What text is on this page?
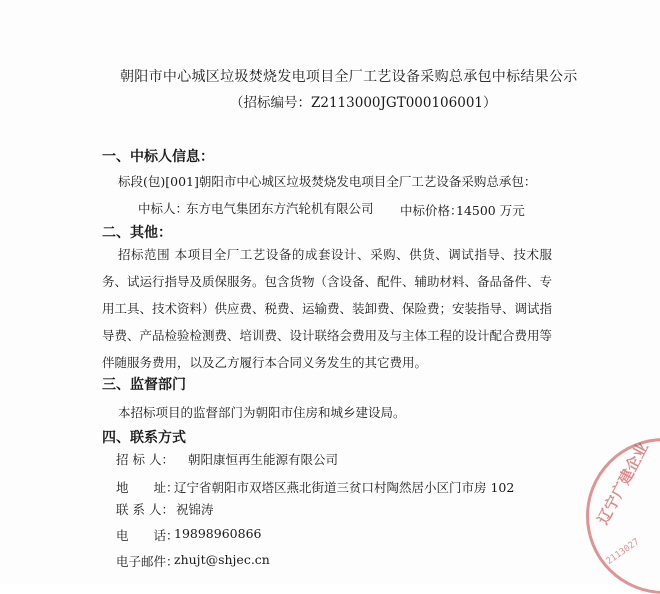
朝阳市中心城区垃圾焚烧发电项目全厂工艺设备采购总承包中标结果公示
（招标编号：Z2113000JGT000106001）
一、中标人信息：
标段(包)[001]朝阳市中心城区垃圾焚烧发电项目全厂工艺设备采购总承包：
中标人：
东方电气集团东方汽轮机有限公司 中标价格：
14500 万元
二、其他：
招标范围 本项目全厂工艺设备的成套设计、采购、供货、调试指导、技术服务、试运行指导及质保服务。包含货物（含设备、配件、辅助材料、备品备件、专用工具、技术资料）供应费、税费、运输费、装卸费、保险费；安装指导、调试指导费、产品检验检测费、培训费、设计联络会费用及与主体工程的设计配合费用等伴随服务费用，以及乙方履行本合同义务发生的其它费用。
三、监督部门
本招标项目的监督部门为朝阳市住房和城乡建设局。
四、联系方式
招 标 人： 朝阳康恒再生能源有限公司
地　　址：
辽宁省朝阳市双塔区燕北街道三贫口村陶然居小区门市房 102
联 系 人： 祝锦涛
电　　话：
19898960866
电子邮件：
zhujt@shjec.cn
辽宁广建企业
2113027
